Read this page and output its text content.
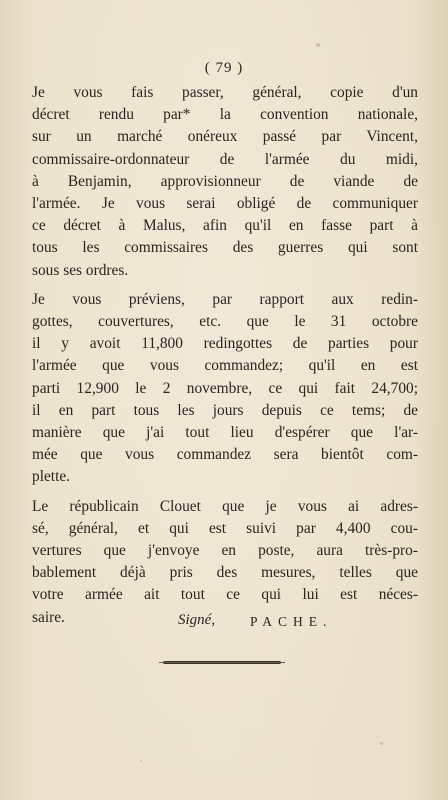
( 79 )
Je vous fais passer, général, copie d'un
décret rendu par* la convention nationale,
sur un marché onéreux passé par Vincent,
commissaire-ordonnateur de l'armée du midi,
à Benjamin, approvisionneur de viande de
l'armée. Je vous serai obligé de communiquer
ce décret à Malus, afin qu'il en fasse part à
tous les commissaires des guerres qui sont
sous ses ordres.
Je vous préviens, par rapport aux redin-
gottes, couvertures, etc. que le 31 octobre
il y avoit 11,800 redingottes de parties pour
l'armée que vous commandez; qu'il en est
parti 12,900 le 2 novembre, ce qui fait 24,700;
il en part tous les jours depuis ce tems; de
manière que j'ai tout lieu d'espérer que l'ar-
mée que vous commandez sera bientôt com-
plette.
Le républicain Clouet que je vous ai adres-
sé, général, et qui est suivi par 4,400 cou-
vertures que j'envoye en poste, aura très-pro-
bablement déjà pris des mesures, telles que
votre armée ait tout ce qui lui est néces-
saire.	Signé,	PACHE.
